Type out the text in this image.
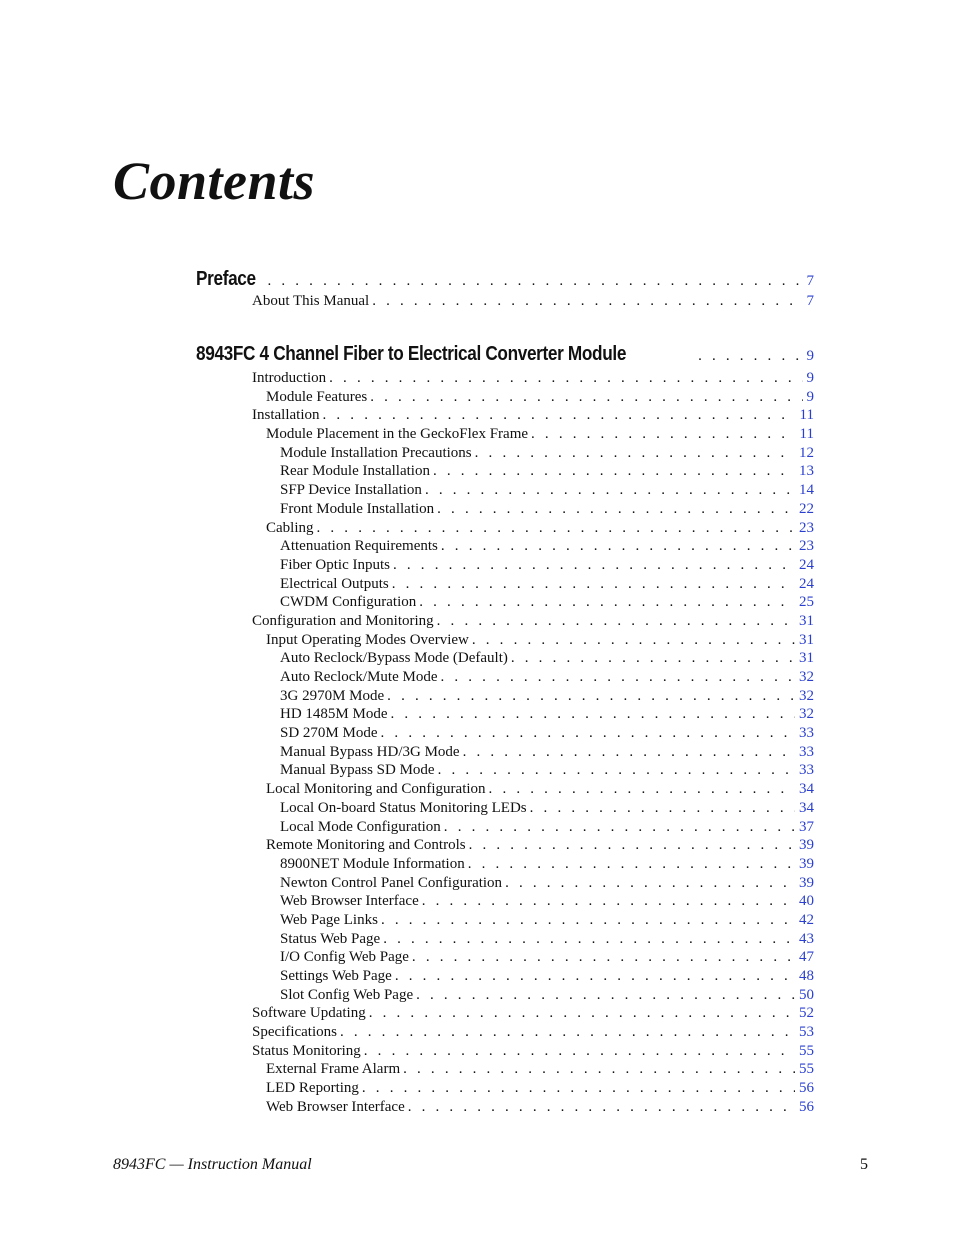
Contents
Preface . . .	7
About This Manual . . .	7
8943FC 4 Channel Fiber to Electrical Converter Module . . .	9
Introduction . . .	9
Module Features . . .	9
Installation . . .	11
Module Placement in the GeckoFlex Frame . . .	11
Module Installation Precautions . . .	12
Rear Module Installation . . .	13
SFP Device Installation . . .	14
Front Module Installation . . .	22
Cabling . . .	23
Attenuation Requirements . . .	23
Fiber Optic Inputs . . .	24
Electrical Outputs . . .	24
CWDM Configuration . . .	25
Configuration and Monitoring . . .	31
Input Operating Modes Overview . . .	31
Auto Reclock/Bypass Mode (Default) . . .	31
Auto Reclock/Mute Mode . . .	32
3G 2970M Mode . . .	32
HD 1485M Mode . . .	32
SD 270M Mode . . .	33
Manual Bypass HD/3G Mode . . .	33
Manual Bypass SD Mode . . .	33
Local Monitoring and Configuration . . .	34
Local On-board Status Monitoring LEDs . . .	34
Local Mode Configuration . . .	37
Remote Monitoring and Controls . . .	39
8900NET Module Information . . .	39
Newton Control Panel Configuration . . .	39
Web Browser Interface . . .	40
Web Page Links . . .	42
Status Web Page . . .	43
I/O Config Web Page . . .	47
Settings Web Page . . .	48
Slot Config Web Page . . .	50
Software Updating . . .	52
Specifications . . .	53
Status Monitoring . . .	55
External Frame Alarm . . .	55
LED Reporting . . .	56
Web Browser Interface . . .	56
8943FC — Instruction Manual	5
